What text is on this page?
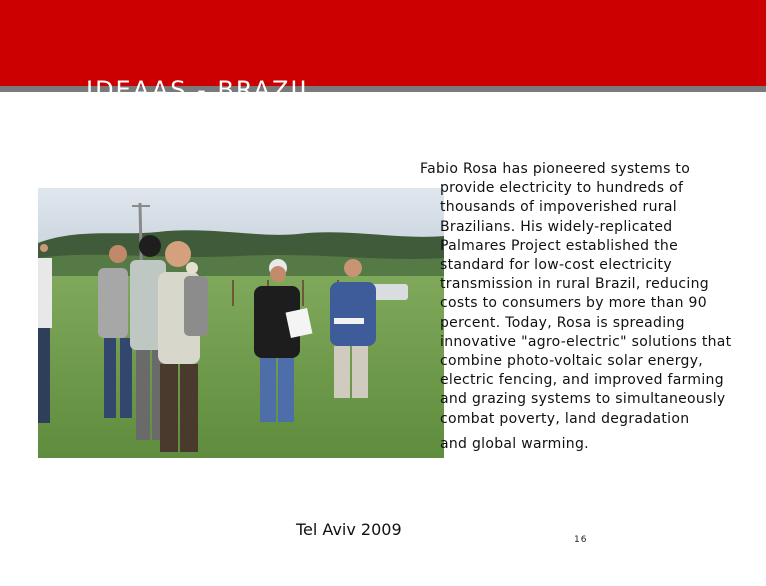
IDEAAS - BRAZIL
Fabio Rosa has pioneered systems to
provide electricity to hundreds of thousands of impoverished rural Brazilians. His widely-replicated Palmares Project established the standard for low-cost electricity transmission in rural Brazil, reducing costs to consumers by more than 90 percent. Today, Rosa is spreading innovative "agro-electric" solutions that combine photo-voltaic solar energy, electric fencing, and improved farming and grazing systems to simultaneously combat poverty, land degradation
and global warming.
Tel Aviv 2009
16
